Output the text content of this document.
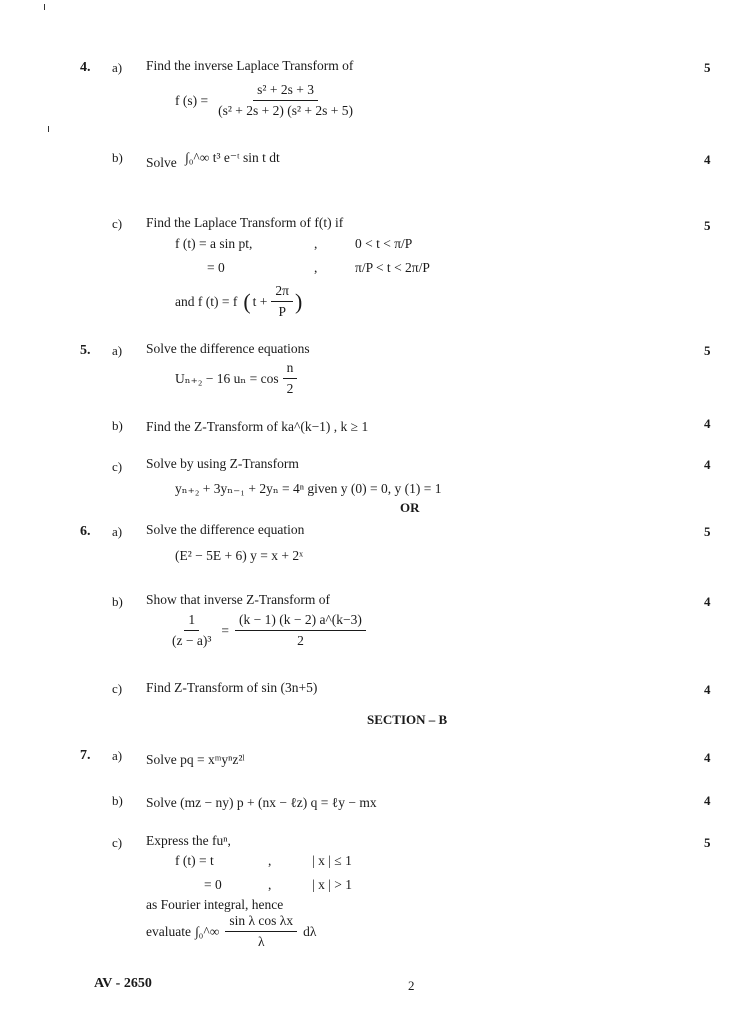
4. a) Find the inverse Laplace Transform of	5
f $(s) = \frac{\text{s² + 2s + 3}}{\text{(s² + 2s + 2) (s² + 2s + 5)}}$
b) Solve ∫₀^∞ t³ e⁻ᵗ sin t dt	4
c) Find the Laplace Transform of f(t) if	5
f (t) = a sin pt,	,	0 < t < π/P
= 0	,	π/P < t < 2π/P
and f (t) = f ( $t + \frac{2\pi}{P}$ )
5. a) Solve the difference equations	5
Uₙ₊₂ − 16 $u_n = \cos \frac{n}{2}$
b) Find the Z-Transform of ka^(k−1) , k ≥ 1	4
c) Solve by using Z-Transform	4
yₙ₊₂ + 3yₙ₋₁ + 2yₙ = 4ⁿ given y (0) = 0, y (1) = 1
OR
6. a) Solve the difference equation	5
(E² − 5E + 6) y = x + 2ˣ
b) Show that inverse Z-Transform of	4
$\frac{1}{\text{(z − a)³}} = \frac{(k - 1) (k - 2) a\^{}(k-3)}{2}$
c) Find Z-Transform of sin (3n+5)	4
SECTION – B
7. a) Solve pq = xᵐyⁿz²ˡ	4
b) Solve (mz − ny) p + (nx − ℓz) q = ℓy − mx	4
c) Express the fuⁿ,	5
f (t) = t	,	| x | ≤ 1
= 0	,	| x | > 1
as Fourier integral, hence
evaluate ∫₀^∞ $\frac{\text{sin λ cos λx}}{\lambda}$ dλ
AV - 2650	2
